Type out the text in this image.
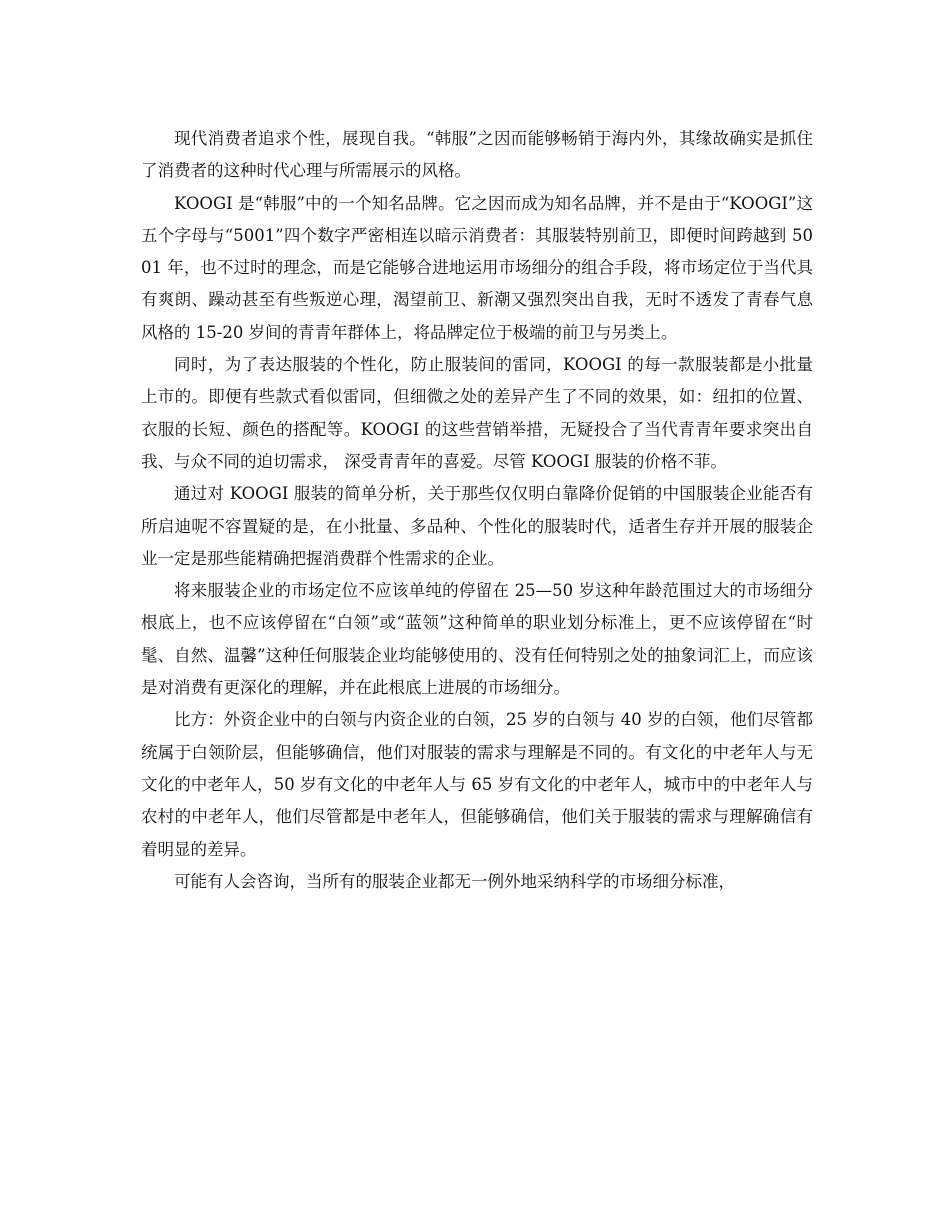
现代消费者追求个性，展现自我。“韩服”之因而能够畅销于海内外，其缘故确实是抓住了消费者的这种时代心理与所需展示的风格。

KOOGI 是“韩服”中的一个知名品牌。它之因而成为知名品牌，并不是由于“KOOGI”这五个字母与“5001”四个数字严密相连以暗示消费者：其服装特别前卫，即便时间跨越到 5001 年，也不过时的理念，而是它能够合进地运用市场细分的组合手段，将市场定位于当代具有爽朗、躁动甚至有些叛逆心理，渴望前卫、新潮又强烈突出自我，无时不透发了青春气息风格的 15-20 岁间的青青年群体上，将品牌定位于极端的前卫与另类上。

同时，为了表达服装的个性化，防止服装间的雷同，KOOGI 的每一款服装都是小批量上市的。即便有些款式看似雷同，但细微之处的差异产生了不同的效果，如：纽扣的位置、衣服的长短、颜色的搭配等。KOOGI 的这些营销举措，无疑投合了当代青青年要求突出自我、与众不同的迫切需求， 深受青青年的喜爱。尽管 KOOGI 服装的价格不菲。

通过对 KOOGI 服装的简单分析，关于那些仅仅明白靠降价促销的中国服装企业能否有所启迪呢不容置疑的是，在小批量、多品种、个性化的服装时代，适者生存并开展的服装企业一定是那些能精确把握消费群个性需求的企业。

将来服装企业的市场定位不应该单纯的停留在 25—50 岁这种年龄范围过大的市场细分根底上，也不应该停留在“白领”或“蓝领”这种简单的职业划分标准上，更不应该停留在“时髦、自然、温馨”这种任何服装企业均能够使用的、没有任何特别之处的抽象词汇上，而应该是对消费有更深化的理解，并在此根底上进展的市场细分。

比方：外资企业中的白领与内资企业的白领，25 岁的白领与 40 岁的白领，他们尽管都统属于白领阶层，但能够确信，他们对服装的需求与理解是不同的。有文化的中老年人与无文化的中老年人，50 岁有文化的中老年人与 65 岁有文化的中老年人，城市中的中老年人与农村的中老年人，他们尽管都是中老年人，但能够确信，他们关于服装的需求与理解确信有着明显的差异。

可能有人会咨询，当所有的服装企业都无一例外地采纳科学的市场细分标准，
